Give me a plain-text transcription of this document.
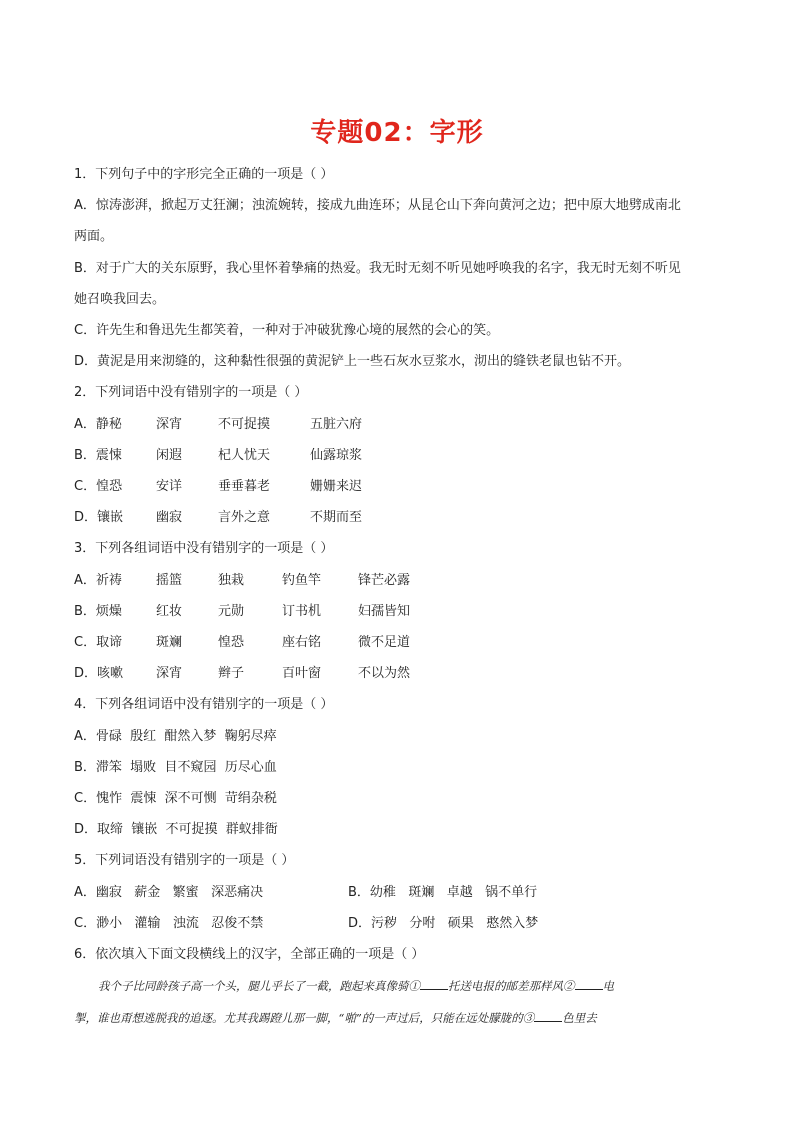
专题02：字形
1．下列句子中的字形完全正确的一项是（ ）
A．惊涛澎湃，掀起万丈狂澜；浊流婉转，接成九曲连环；从昆仑山下奔向黄河之边；把中原大地劈成南北
两面。
B．对于广大的关东原野，我心里怀着挚痛的热爱。我无时无刻不听见她呼唤我的名字，我无时无刻不听见
她召唤我回去。
C．许先生和鲁迅先生都笑着，一种对于冲破犹豫心境的展然的会心的笑。
D．黄泥是用来沏缝的，这种黏性很强的黄泥铲上一些石灰水豆浆水，沏出的缝铁老鼠也钻不开。
2．下列词语中没有错别字的一项是（ ）
A．静秘	深宵	不可捉摸	五脏六府
B．震悚	闲遐	杞人忧天	仙露琼浆
C．惶恐	安详	垂垂暮老	姗姗来迟
D．镶嵌	幽寂	言外之意	不期而至
3．下列各组词语中没有错别字的一项是（ ）
A．祈祷	摇篮	独栽	钓鱼竿	锋芒必露
B．烦燥	红妆	元勋	订书机	妇孺皆知
C．取谛	斑斓	惶恐	座右铭	微不足道
D．咳嗽	深宵	辫子	百叶窗	不以为然
4．下列各组词语中没有错别字的一项是（ ）
A．骨碌  殷红  酣然入梦  鞠躬尽瘁
B．滞笨  塌败  目不窥园  历尽心血
C．愧怍  震悚  深不可恻  苛绢杂税
D．取缔  镶嵌  不可捉摸  群蚁排衙
5．下列词语没有错别字的一项是（ ）
A．幽寂   薪金   繁蜜   深恶痛决	B．幼稚   斑斓   卓越   锅不单行
C．渺小   灌输   浊流   忍俊不禁	D．污秽   分咐   硕果   憨然入梦
6．依次填入下面文段横线上的汉字，全部正确的一项是（ ）
我个子比同龄孩子高一个头，腿儿乎长了一截，跑起来真像骑① 托送电报的邮差那样风② 电
掣，谁也甭想逃脱我的追逐。尤其我踢蹬儿那一脚，“啪”的一声过后，只能在远处朦胧的③ 色里去
